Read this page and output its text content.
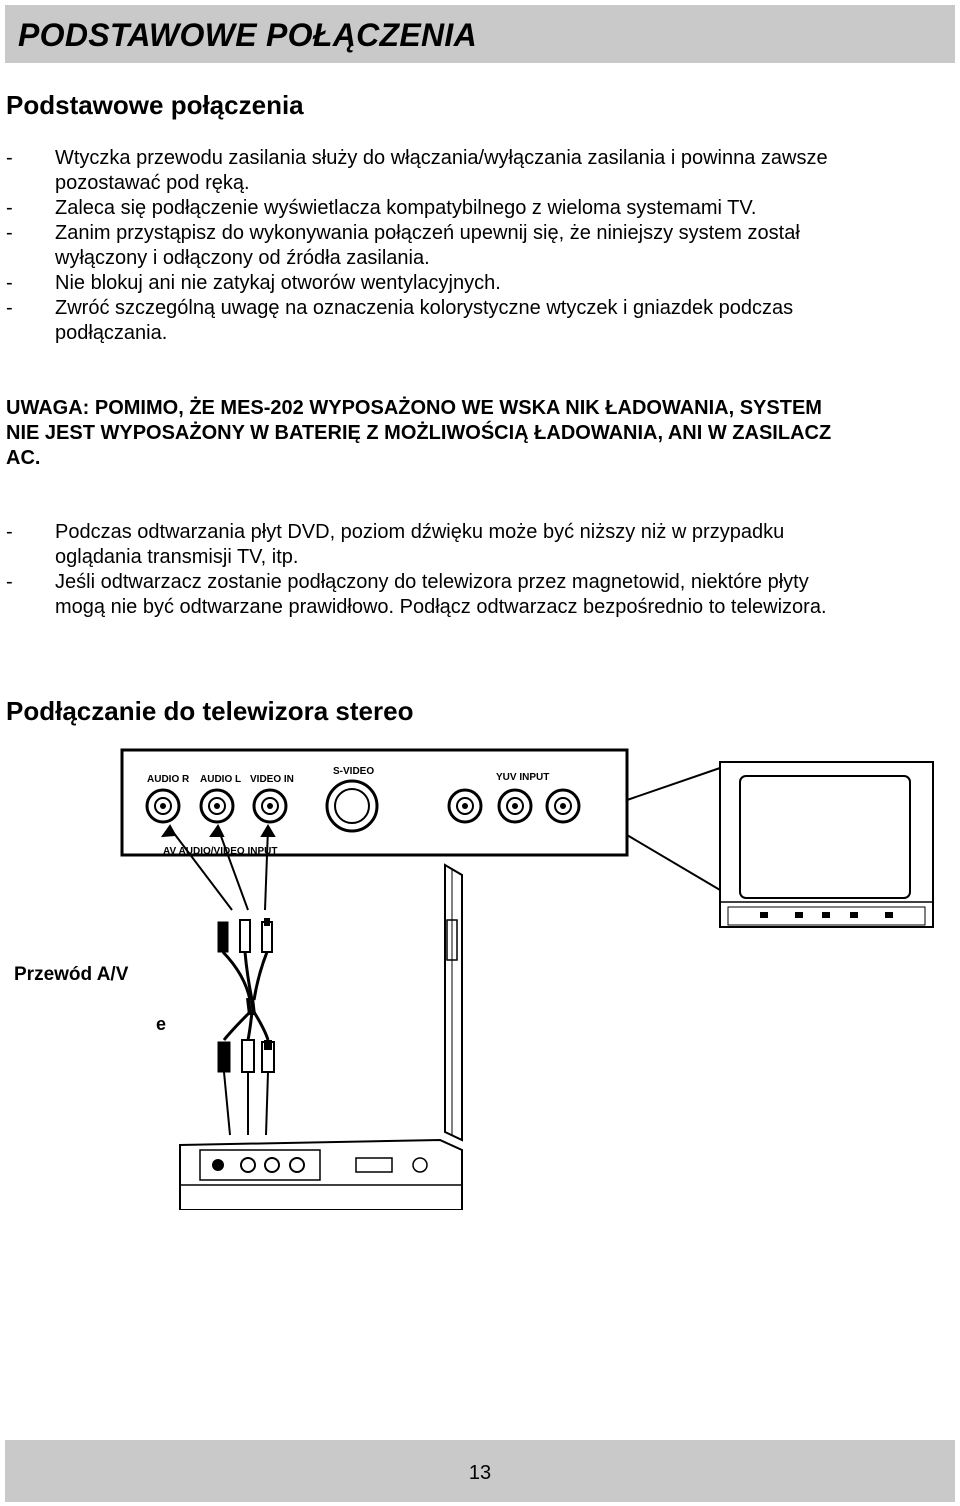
PODSTAWOWE POŁĄCZENIA
Podstawowe połączenia
- Wtyczka przewodu zasilania służy do włączania/wyłączania zasilania i powinna zawsze
pozostawać pod ręką.
- Zaleca się podłączenie wyświetlacza kompatybilnego z wieloma systemami TV.
- Zanim przystąpisz do wykonywania połączeń upewnij się, że niniejszy system został
wyłączony i odłączony od źródła zasilania.
- Nie blokuj ani nie zatykaj otworów wentylacyjnych.
- Zwróć szczególną uwagę na oznaczenia kolorystyczne wtyczek i gniazdek podczas
podłączania.
UWAGA: POMIMO, ŻE MES-202 WYPOSAŻONO WE WSKA NIK ŁADOWANIA, SYSTEM
NIE JEST WYPOSAŻONY W BATERIĘ Z MOŻLIWOŚCIĄ ŁADOWANIA, ANI W ZASILACZ
AC.
- Podczas odtwarzania płyt DVD, poziom dźwięku może być niższy niż w przypadku
oglądania transmisji TV, itp.
- Jeśli odtwarzacz zostanie podłączony do telewizora przez magnetowid, niektóre płyty
mogą nie być odtwarzane prawidłowo. Podłącz odtwarzacz bezpośrednio to telewizora.
Podłączanie do telewizora stereo
AUDIO R AUDIO L VIDEO IN
S-VIDEO
YUV INPUT
AV AUDIO/VIDEO INPUT
Przewód A/V
e
13
